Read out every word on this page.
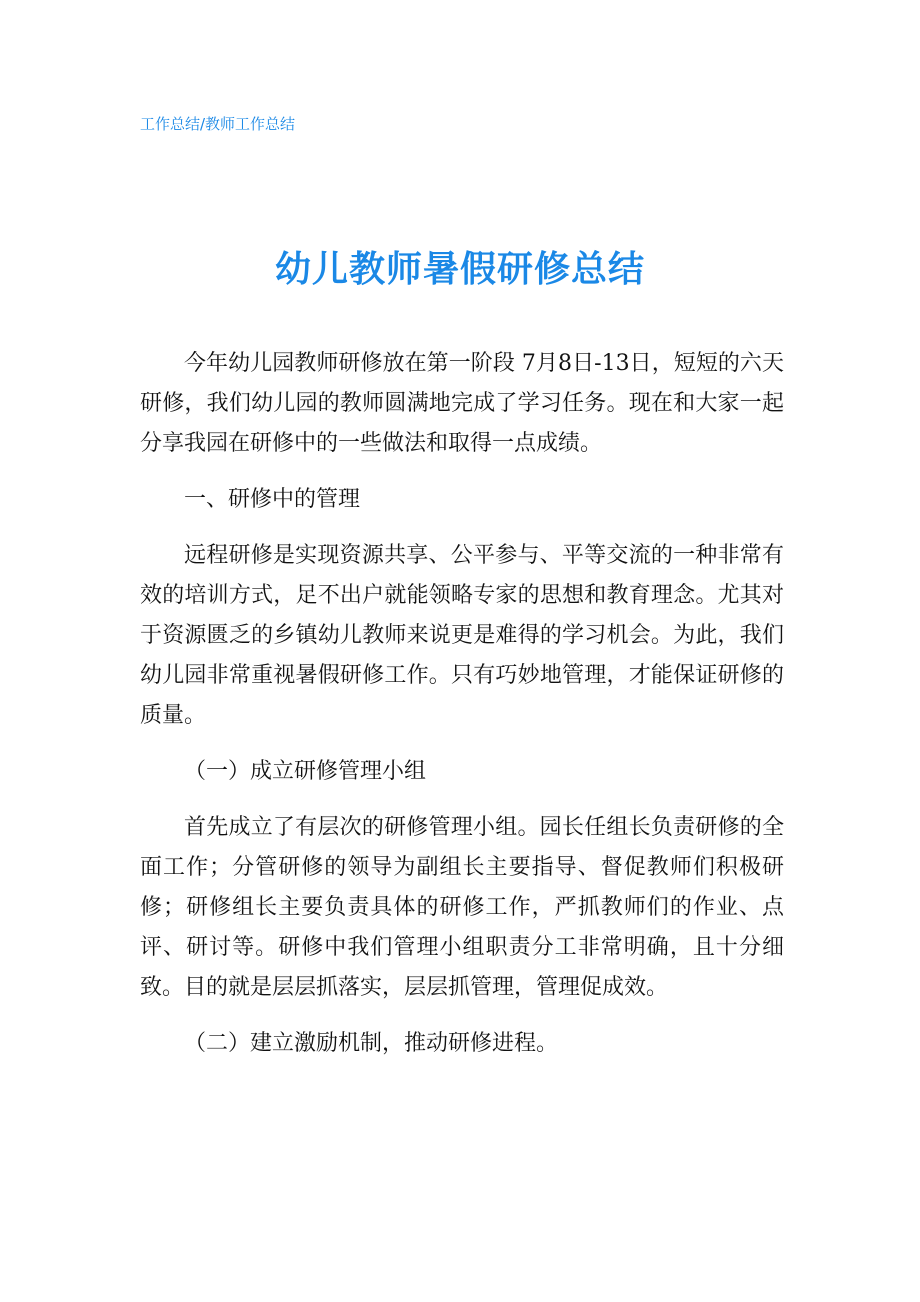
工作总结/教师工作总结
幼儿教师暑假研修总结

今年幼儿园教师研修放在第一阶段 7月8日-13日，短短的六天研修，我们幼儿园的教师圆满地完成了学习任务。现在和大家一起分享我园在研修中的一些做法和取得一点成绩。

一、研修中的管理

远程研修是实现资源共享、公平参与、平等交流的一种非常有效的培训方式，足不出户就能领略专家的思想和教育理念。尤其对于资源匮乏的乡镇幼儿教师来说更是难得的学习机会。为此，我们幼儿园非常重视暑假研修工作。只有巧妙地管理，才能保证研修的质量。

（一）成立研修管理小组

首先成立了有层次的研修管理小组。园长任组长负责研修的全面工作；分管研修的领导为副组长主要指导、督促教师们积极研修；研修组长主要负责具体的研修工作，严抓教师们的作业、点评、研讨等。研修中我们管理小组职责分工非常明确，且十分细致。目的就是层层抓落实，层层抓管理，管理促成效。

（二）建立激励机制，推动研修进程。
